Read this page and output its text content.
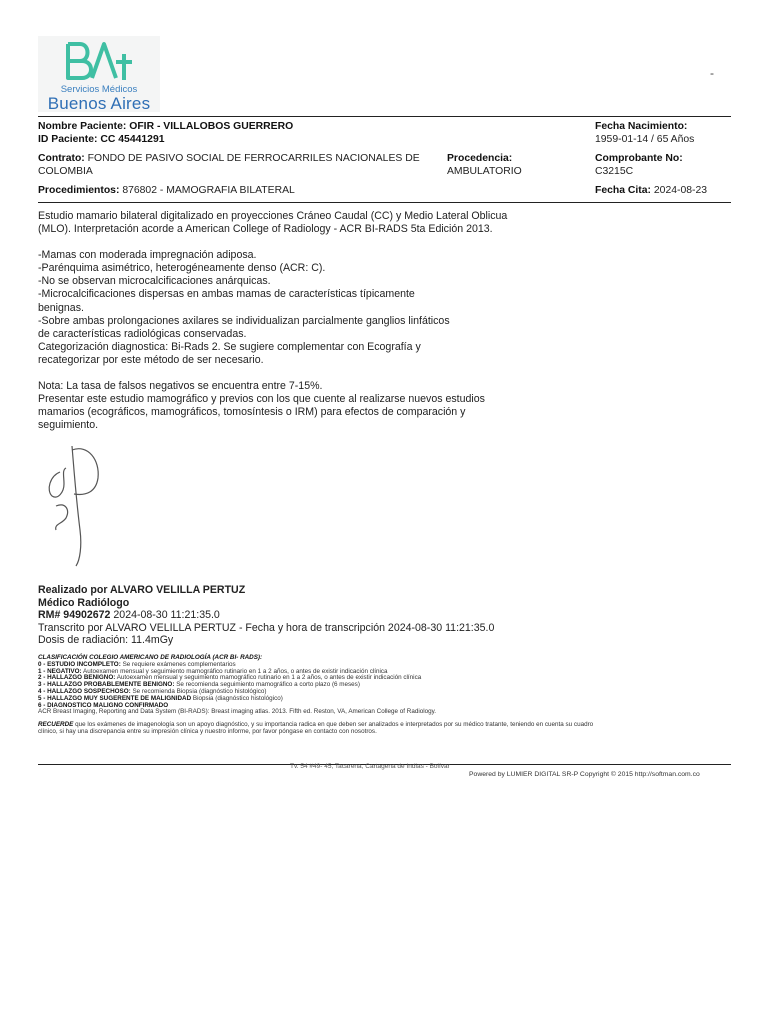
Servicios Médicos
Buenos Aires
-
Nombre Paciente: OFIR - VILLALOBOS GUERRERO
ID Paciente: CC 45441291
Fecha Nacimiento:
1959-01-14 / 65 Años
Contrato: FONDO DE PASIVO SOCIAL DE FERROCARRILES NACIONALES DE
COLOMBIA
Procedencia:
AMBULATORIO
Comprobante No:
C3215C
Procedimientos: 876802 - MAMOGRAFIA BILATERAL	Fecha Cita: 2024-08-23

Estudio mamario bilateral digitalizado en proyecciones Cráneo Caudal (CC) y Medio Lateral Oblicua

(MLO). Interpretación acorde a American College of Radiology - ACR BI-RADS 5ta Edición 2013.

-Mamas con moderada impregnación adiposa.

-Parénquima asimétrico, heterogéneamente denso (ACR: C).

-No se observan microcalcificaciones anárquicas.

-Microcalcificaciones dispersas en ambas mamas de características típicamente

benignas.

-Sobre ambas prolongaciones axilares se individualizan parcialmente ganglios linfáticos

de características radiológicas conservadas.

Categorización diagnostica: Bi-Rads 2. Se sugiere complementar con Ecografía y

recategorizar por este método de ser necesario.

Nota: La tasa de falsos negativos se encuentra entre 7-15%.

Presentar este estudio mamográfico y previos con los que cuente al realizarse nuevos estudios

mamarios (ecográficos, mamográficos, tomosíntesis o IRM) para efectos de comparación y

seguimiento.

Realizado por ALVARO VELILLA PERTUZ
Médico Radiólogo
RM# 94902672 2024-08-30 11:21:35.0
Transcrito por ALVARO VELILLA PERTUZ - Fecha y hora de transcripción 2024-08-30 11:21:35.0
Dosis de radiación: 11.4mGy
CLASIFICACIÓN COLEGIO AMERICANO DE RADIOLOGÍA (ACR BI- RADS):
0 - ESTUDIO INCOMPLETO: Se requiere exámenes complementarios
1 - NEGATIVO: Autoexamen mensual y seguimiento mamográfico rutinario en 1 a 2 años, o antes de existir indicación clínica
2 - HALLAZGO BENIGNO: Autoexamen mensual y seguimiento mamográfico rutinario en 1 a 2 años, o antes de existir indicación clínica
3 - HALLAZGO PROBABLEMENTE BENIGNO: Se recomienda seguimiento mamográfico a corto plazo (6 meses)
4 - HALLAZGO SOSPECHOSO: Se recomienda Biopsia (diagnóstico histológico)
5 - HALLAZGO MUY SUGERENTE DE MALIGNIDAD Biopsia (diagnóstico histológico)
6 - DIAGNOSTICO MALIGNO CONFIRMADO
ACR Breast Imaging, Reporting and Data System (BI-RADS): Breast imaging atlas. 2013. Fifth ed. Reston, VA, American College of Radiology.
RECUERDE que los exámenes de imagenología son un apoyo diagnóstico, y su importancia radica en que deben ser analizados e interpretados por su médico tratante, teniendo en cuenta su cuadro
clínico, si hay una discrepancia entre su impresión clínica y nuestro informe, por favor póngase en contacto con nosotros.
Tv. 54 #49- 45, Tacarena, Cartagena de Indias - Bolívar
Powered by LUMIER DIGITAL SR-P Copyright © 2015 http://softman.com.co
